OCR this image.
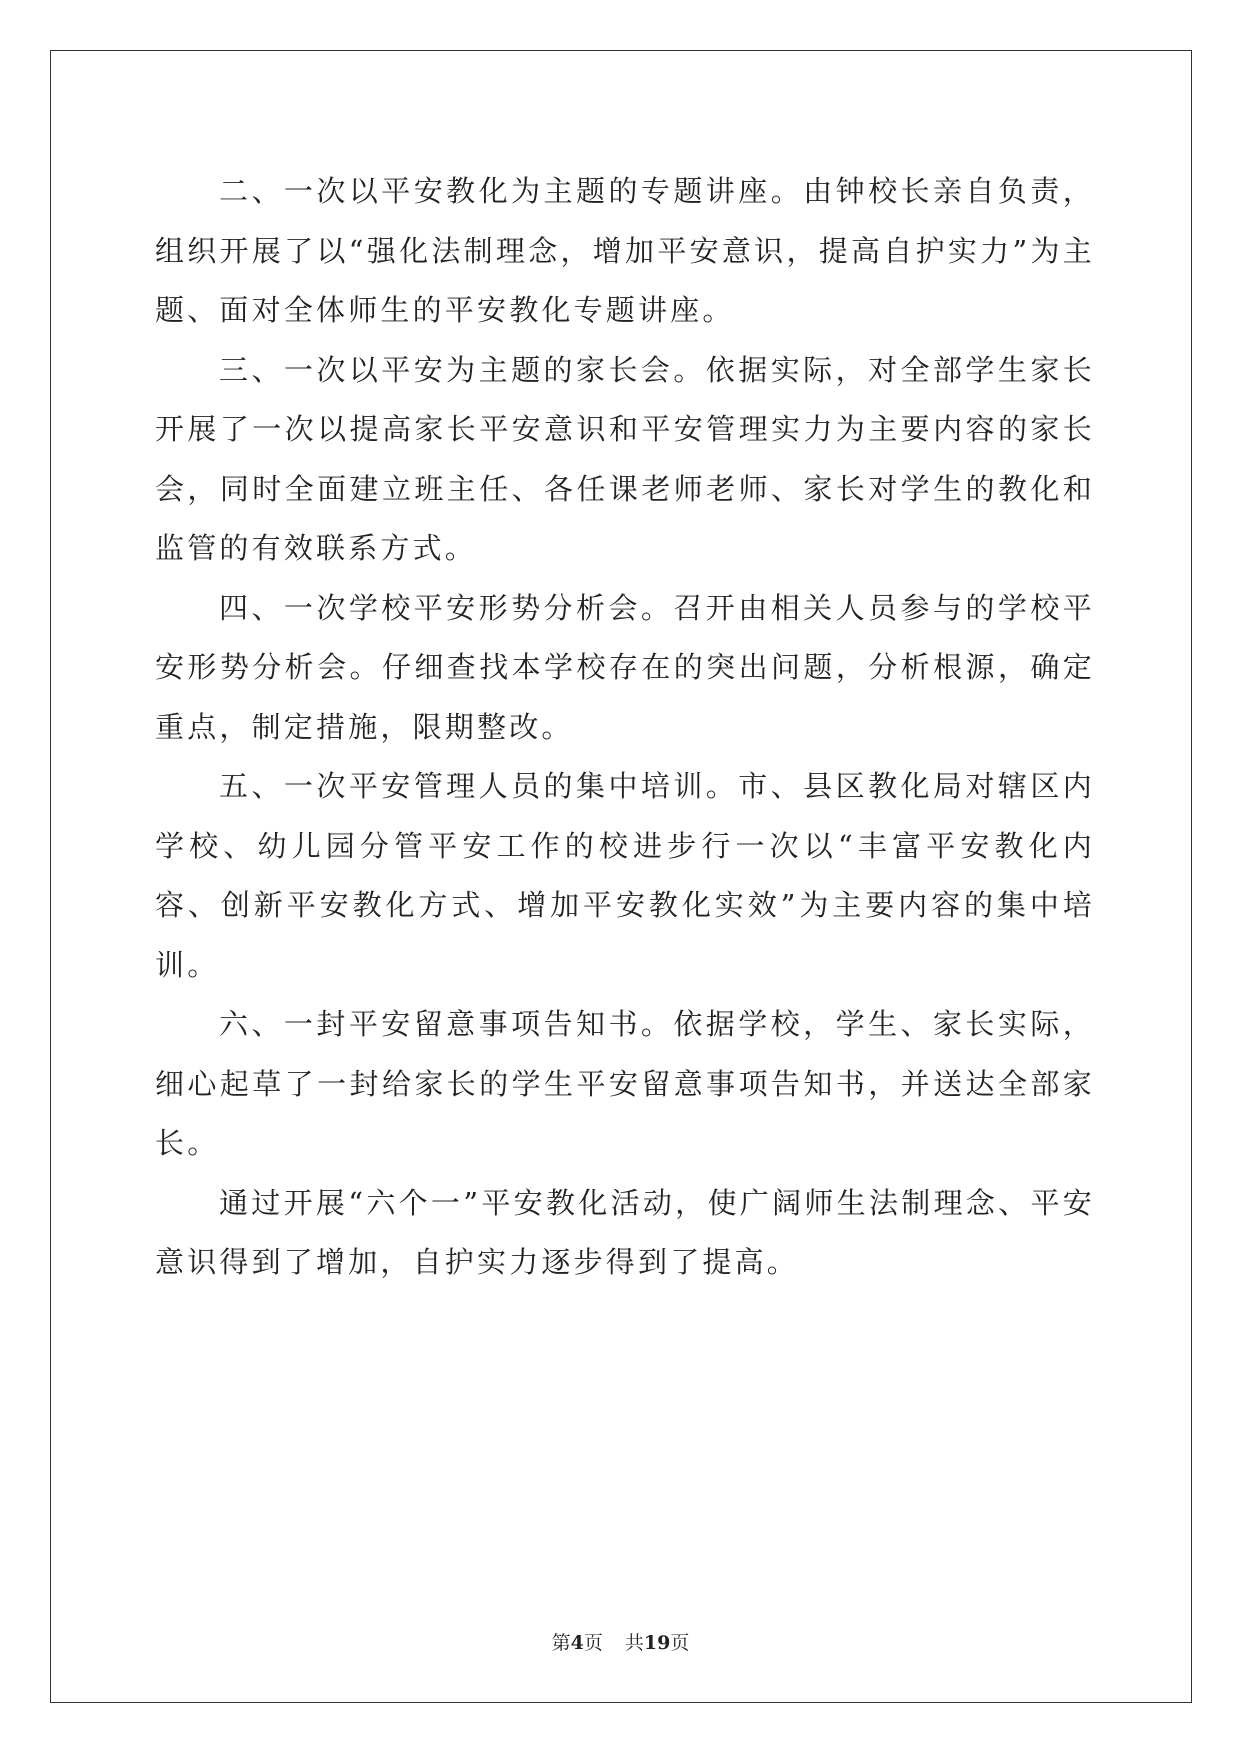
二、一次以平安教化为主题的专题讲座。由钟校长亲自负责，组织开展了以“强化法制理念，增加平安意识，提高自护实力”为主题、面对全体师生的平安教化专题讲座。

三、一次以平安为主题的家长会。依据实际，对全部学生家长开展了一次以提高家长平安意识和平安管理实力为主要内容的家长会，同时全面建立班主任、各任课老师老师、家长对学生的教化和监管的有效联系方式。

四、一次学校平安形势分析会。召开由相关人员参与的学校平安形势分析会。仔细查找本学校存在的突出问题，分析根源，确定重点，制定措施，限期整改。

五、一次平安管理人员的集中培训。市、县区教化局对辖区内学校、幼儿园分管平安工作的校进步行一次以“丰富平安教化内容、创新平安教化方式、增加平安教化实效”为主要内容的集中培训。

六、一封平安留意事项告知书。依据学校，学生、家长实际，细心起草了一封给家长的学生平安留意事项告知书，并送达全部家长。

通过开展“六个一”平安教化活动，使广阔师生法制理念、平安意识得到了增加，自护实力逐步得到了提高。

第4页 共19页
